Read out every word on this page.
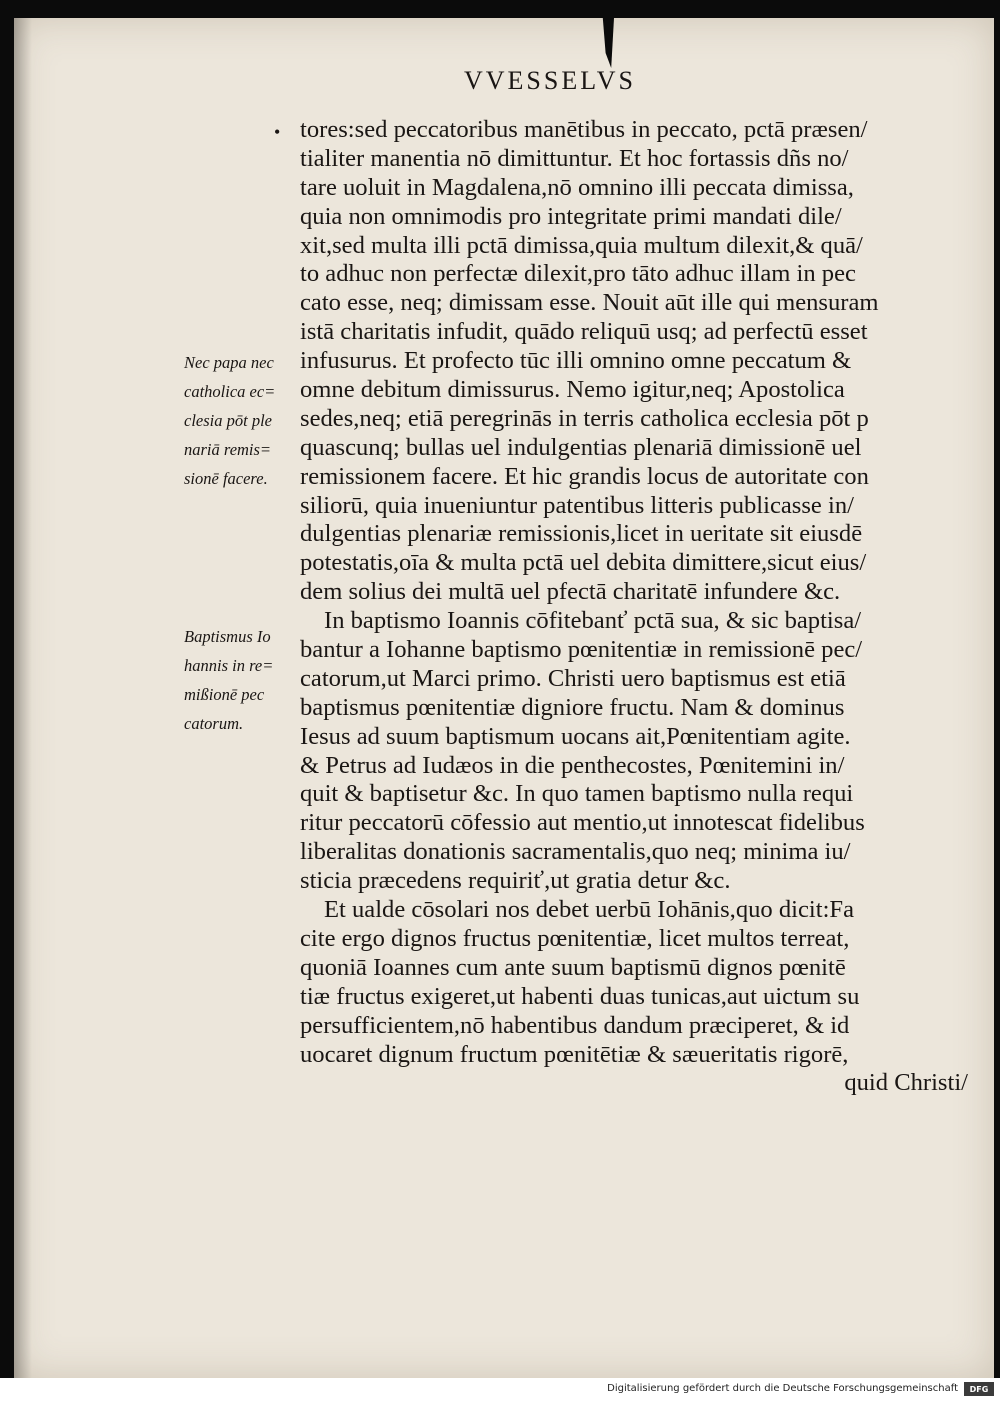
VVESSELVS
• tores:sed peccatoribus manētibus in peccato, pctā præsen/
tialiter manentia nō dimittuntur. Et hoc fortassis dñs no/
tare uoluit in Magdalena,nō omnino illi peccata dimissa,
quia non omnimodis pro integritate primi mandati dile/
xit,sed multa illi pctā dimissa,quia multum dilexit,& quā/
to adhuc non perfectæ dilexit,pro tāto adhuc illam in pec
cato esse, neq; dimissam esse. Nouit aūt ille qui mensuram
istā charitatis infudit, quādo reliquū usq; ad perfectū esset
infusurus. Et profecto tūc illi omnino omne peccatum &
omne debitum dimissurus. Nemo igitur,neq; Apostolica
sedes,neq; etiā peregrinās in terris catholica ecclesia pōt p
quascunq; bullas uel indulgentias plenariā dimissionē uel
remissionem facere. Et hic grandis locus de autoritate con
siliorū, quia inueniuntur patentibus litteris publicasse in/
dulgentias plenariæ remissionis,licet in ueritate sit eiusdē
potestatis,oīa & multa pctā uel debita dimittere,sicut eius/
dem solius dei multā uel pfectā charitatē infundere &c.
In baptismo Ioannis cōfitebanť pctā sua, & sic baptisa/
bantur a Iohanne baptismo pœnitentiæ in remissionē pec/
catorum,ut Marci primo. Christi uero baptismus est etiā
baptismus pœnitentiæ digniore fructu. Nam & dominus
Iesus ad suum baptismum uocans ait,Pœnitentiam agite.
& Petrus ad Iudæos in die penthecostes, Pœnitemini in/
quit & baptisetur &c. In quo tamen baptismo nulla requi
ritur peccatorū cōfessio aut mentio,ut innotescat fidelibus
liberalitas donationis sacramentalis,quo neq; minima iu/
sticia præcedens requiriť,ut gratia detur &c.
Et ualde cōsolari nos debet uerbū Iohānis,quo dicit:Fa
cite ergo dignos fructus pœnitentiæ, licet multos terreat,
quoniā Ioannes cum ante suum baptismū dignos pœnitē
tiæ fructus exigeret,ut habenti duas tunicas,aut uictum su
persufficientem,nō habentibus dandum præciperet, & id
uocaret dignum fructum pœnitētiæ & sæueritatis rigorē,
quid Christi/
Nec papa nec
catholica ec=
clesia pōt ple
nariā remis=
sionē facere.
Baptismus Io
hannis in re=
mißionē pec
catorum.
Digitalisierung gefördert durch die Deutsche Forschungsgemeinschaft	DFG
